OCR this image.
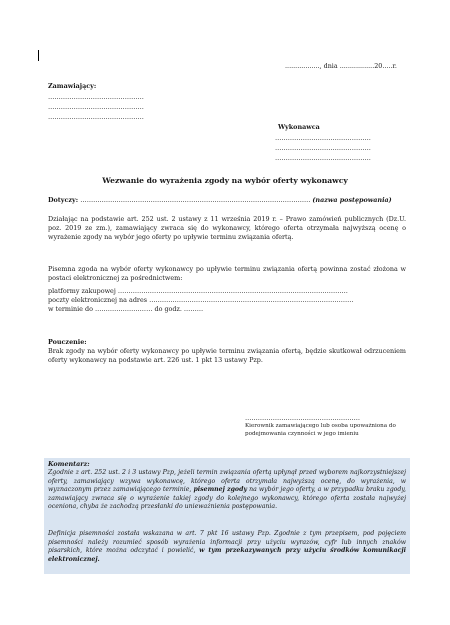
................., dnia .................20.....r.
Zamawiający:
………………………………………
………………………………………
………………………………………
Wykonawca
………………………………………
………………………………………
………………………………………
Wezwanie do wyrażenia zgody na wybór oferty wykonawcy
Dotyczy: ……………………………………………………………………………………………… (nazwa postępowania)
Działając na podstawie art. 252 ust. 2 ustawy z 11 września 2019 r. – Prawo zamówień publicznych (Dz.U. poz. 2019 ze zm.), zamawiający zwraca się do wykonawcy, którego oferta otrzymała najwyższą ocenę o wyrażenie zgody na wybór jego oferty po upływie terminu związania ofertą.
Pisemna zgoda na wybór oferty wykonawcy po upływie terminu związania ofertą powinna zostać złożona w postaci elektronicznej za pośrednictwem:
platformy zakupowej ………………………………………………………………………………………………
poczty elektronicznej na adres ……………………………………………………………………………………
w terminie do ……………………… do godz. ………
Pouczenie:
Brak zgody na wybór oferty wykonawcy po upływie terminu związania ofertą, będzie skutkował odrzuceniem oferty wykonawcy na podstawie art. 226 ust. 1 pkt 13 ustawy Pzp.
………………………………………………
Kierownik zamawiającego lub osoba upoważniona do
podejmowania czynności w jego imieniu
Komentarz:
Zgodnie z art. 252 ust. 2 i 3 ustawy Pzp, jeżeli termin związania ofertą upłynął przed wyborem najkorzystniejszej oferty, zamawiający wzywa wykonawcę, którego oferta otrzymała najwyższą ocenę, do wyrażenia, w wyznaczonym przez zamawiającego terminie, pisemnej zgody na wybór jego oferty, a w przypadku braku zgody, zamawiający zwraca się o wyrażenie takiej zgody do kolejnego wykonawcy, którego oferta została najwyżej oceniona, chyba że zachodzą przesłanki do unieważnienia postępowania.
Definicja pisemności została wskazana w art. 7 pkt 16 ustawy Pzp. Zgodnie z tym przepisem, pod pojęciem pisemności należy rozumieć sposób wyrażenia informacji przy użyciu wyrazów, cyfr lub innych znaków pisarskich, które można odczytać i powielić, w tym przekazywanych przy użyciu środków komunikacji elektronicznej.
